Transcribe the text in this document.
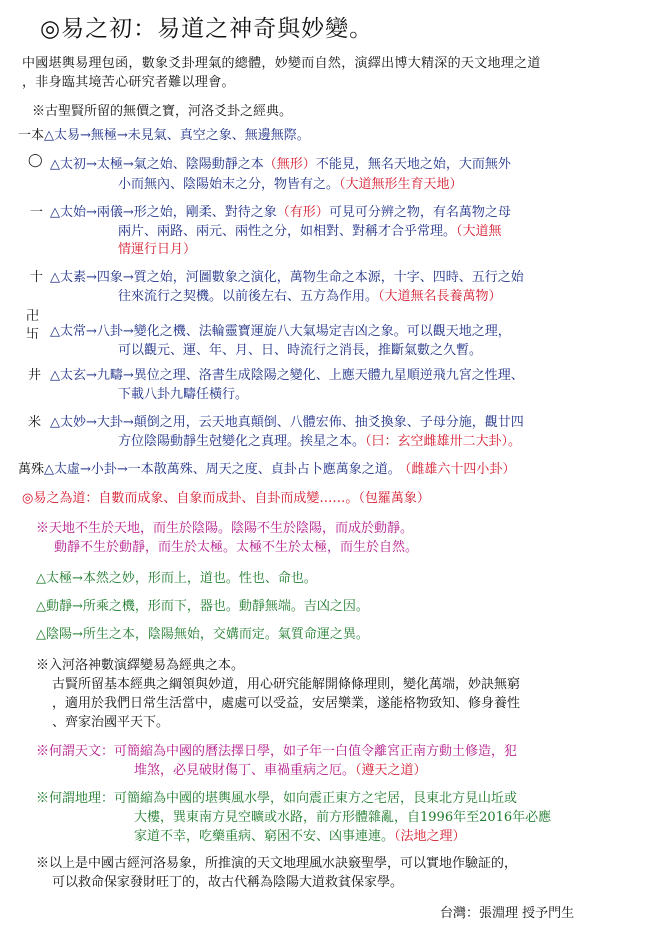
◎易之初：易道之神奇與妙變。
中國堪輿易理包函，數象爻卦理氣的總體，妙變而自然，演繹出博大精深的天文地理之道
，非身臨其境苦心研究者難以理會。
※古聖賢所留的無價之寶，河洛爻卦之經典。
一本△太易→無極→未見氣、真空之象、無邊無際。
◯ △太初→太極→氣之始、陰陽動靜之本（無形）不能見，無名天地之始，大而無外
小而無內、陰陽始末之分，物皆有之。（大道無形生育天地）
一 △太始→兩儀→形之始，剛柔、對待之象（有形）可見可分辨之物，有名萬物之母
兩片、兩路、兩元、兩性之分，如相對、對稱才合乎常理。（大道無
情運行日月）
十 △太素→四象→質之始，河圖數象之演化，萬物生命之本源，十字、四時、五行之始
往來流行之契機。以前後左右、五方為作用。（大道無名長養萬物）
卍卐 △太常→八卦→變化之機、法輪靈寶運旋八大氣場定吉凶之象。可以觀天地之理，
可以觀元、運、年、月、日、時流行之消長，推斷氣數之久暫。
井 △太玄→九疇→異位之理、洛書生成陰陽之變化、上應天體九星順逆飛九宮之性理、
下載八卦九疇任橫行。
米 △太妙→大卦→顛倒之用，云天地真顛倒、八體宏佈、抽爻換象、子母分施，觀廿四
方位陰陽動靜生尅變化之真理。挨星之本。（曰：玄空雌雄卅二大卦）。
萬殊△太虛→小卦→一本散萬殊、周天之度、貞卦占卜應萬象之道。 （雌雄六十四小卦）
◎易之為道：自數而成象、自象而成卦、自卦而成變……。（包羅萬象）
※天地不生於天地，而生於陰陽。陰陽不生於陰陽，而成於動靜。
動靜不生於動靜，而生於太極。太極不生於太極，而生於自然。
△太極→本然之妙，形而上，道也。性也、命也。
△動靜→所乘之機，形而下，器也。動靜無端。吉凶之因。
△陰陽→所生之本，陰陽無始，交媾而定。氣質命運之異。
※入河洛神數演繹變易為經典之本。
古賢所留基本經典之綱領與妙道，用心研究能解開條條理則，變化萬端，妙訣無窮
，適用於我們日常生活當中，處處可以受益，安居樂業，遂能格物致知、修身養性
、齊家治國平天下。
※何謂天文：可簡縮為中國的曆法擇日學，如子年一白值令離宮正南方動土修造，犯
堆煞，必見破財傷丁、車禍重病之厄。（遵天之道）
※何謂地理：可簡縮為中國的堪輿風水學，如向震正東方之宅居，艮東北方見山坵或
大樓，巽東南方見空曠或水路，前方形體雜亂，自1996年至2016年必應
家道不幸，吃藥重病、窮困不安、凶事連連。（法地之理）
※以上是中國古經河洛易象，所推演的天文地理風水訣竅聖學，可以實地作驗証的，
可以救命保家發財旺丁的，故古代稱為陰陽大道救貧保家學。
台灣：張淵理 授予門生
